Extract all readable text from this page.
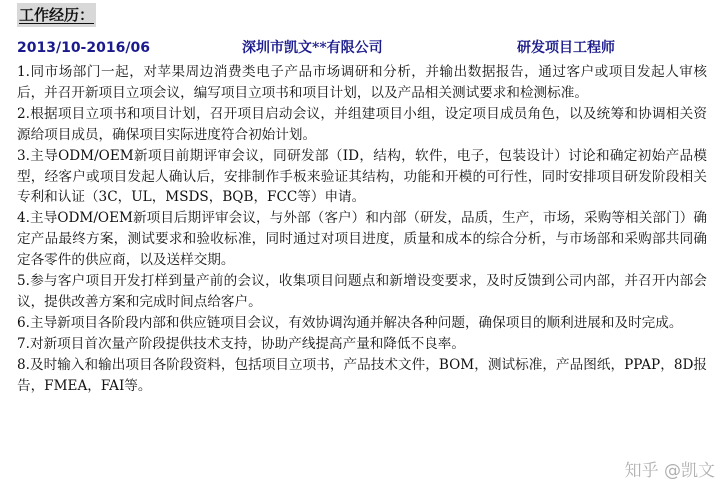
工作经历：
2013/10-2016/06	深圳市凯文**有限公司	研发项目工程师
1.同市场部门一起，对苹果周边消费类电子产品市场调研和分析，并输出数据报告，通过客户或项目发起人审核后，并召开新项目立项会议，编写项目立项书和项目计划，以及产品相关测试要求和检测标准。
2.根据项目立项书和项目计划，召开项目启动会议，并组建项目小组，设定项目成员角色，以及统筹和协调相关资源给项目成员，确保项目实际进度符合初始计划。
3.主导ODM/OEM新项目前期评审会议，同研发部（ID，结构，软件，电子，包装设计）讨论和确定初始产品模型，经客户或项目发起人确认后，安排制作手板来验证其结构，功能和开模的可行性，同时安排项目研发阶段相关专利和认证（3C，UL，MSDS，BQB，FCC等）申请。
4.主导ODM/OEM新项目后期评审会议，与外部（客户）和内部（研发，品质，生产，市场，采购等相关部门）确定产品最终方案，测试要求和验收标准，同时通过对项目进度，质量和成本的综合分析，与市场部和采购部共同确定各零件的供应商，以及送样交期。
5.参与客户项目开发打样到量产前的会议，收集项目问题点和新增设变要求，及时反馈到公司内部，并召开内部会议，提供改善方案和完成时间点给客户。
6.主导新项目各阶段内部和供应链项目会议，有效协调沟通并解决各种问题，确保项目的顺利进展和及时完成。
7.对新项目首次量产阶段提供技术支持，协助产线提高产量和降低不良率。
8.及时输入和输出项目各阶段资料，包括项目立项书，产品技术文件，BOM，测试标准，产品图纸，PPAP，8D报告，FMEA，FAI等。
知乎 @凯文
